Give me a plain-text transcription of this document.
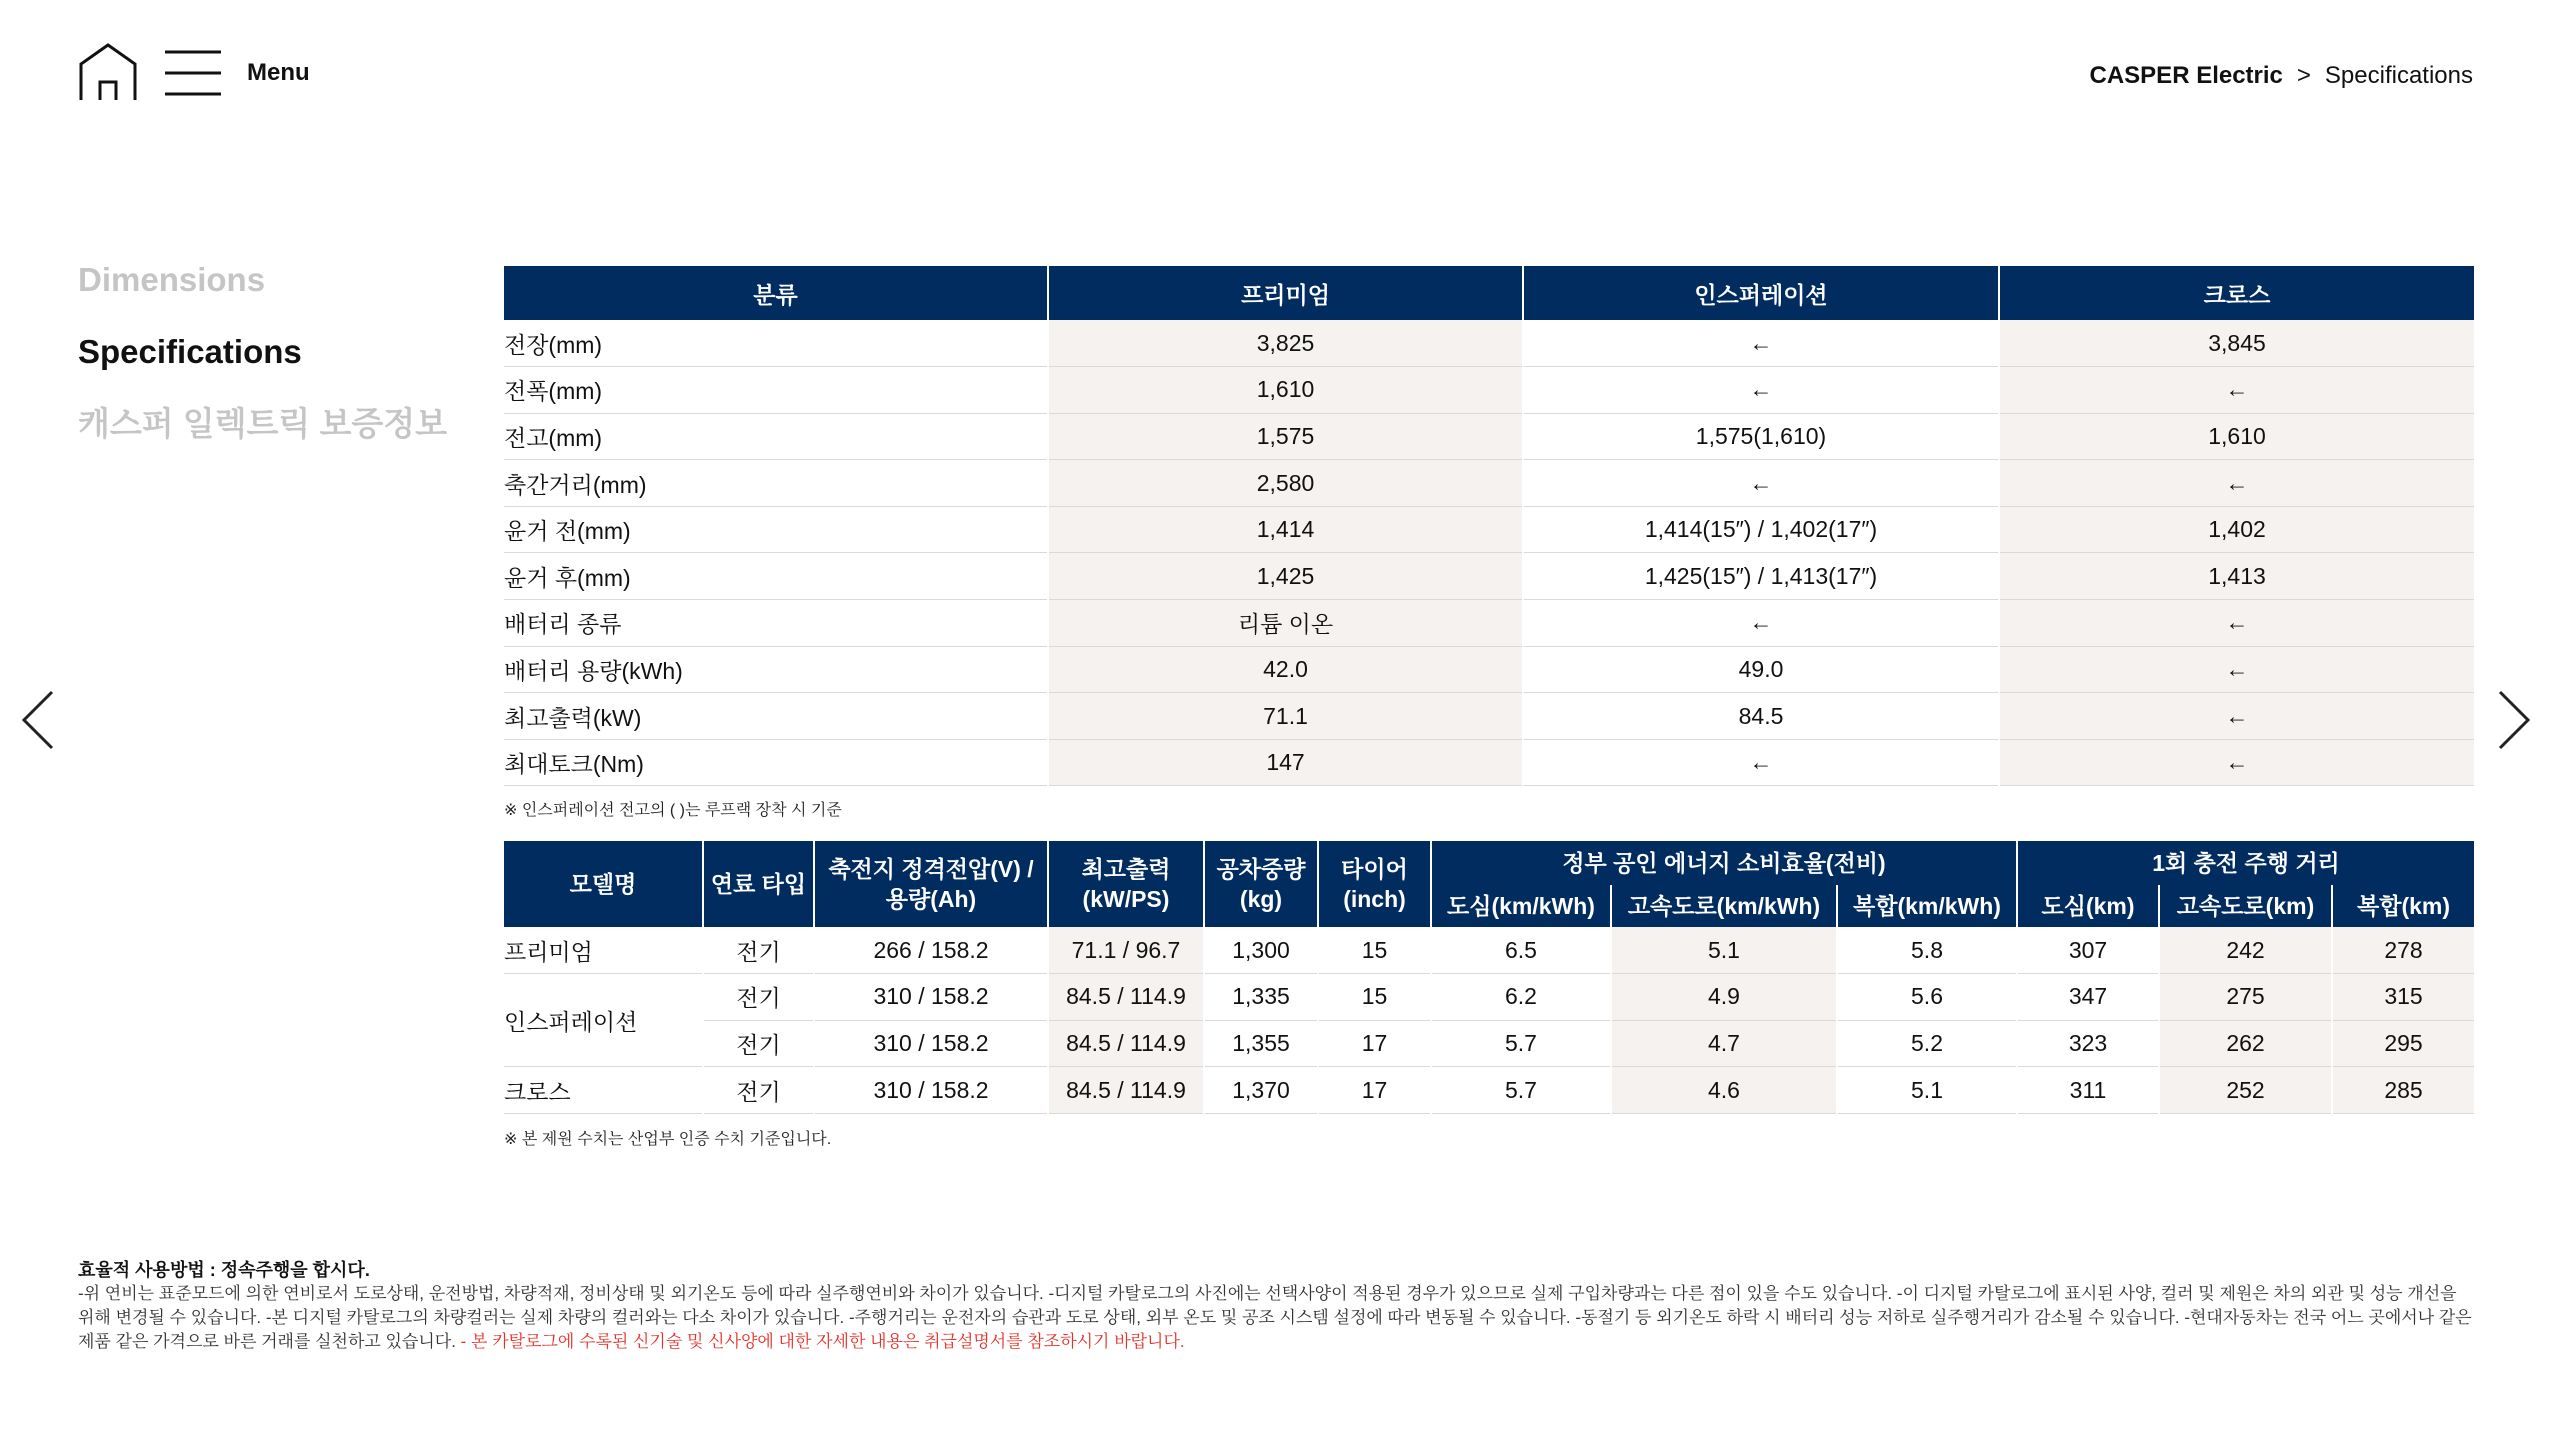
Menu	CASPER Electric > Specifications
Dimensions
Specifications
캐스퍼 일렉트릭 보증정보
분류	프리미엄	인스퍼레이션	크로스
전장(mm)	3,825	←	3,845
전폭(mm)	1,610	←	←
전고(mm)	1,575	1,575(1,610)	1,610
축간거리(mm)	2,580	←	←
윤거 전(mm)	1,414	1,414(15″) / 1,402(17″)	1,402
윤거 후(mm)	1,425	1,425(15″) / 1,413(17″)	1,413
배터리 종류	리튬 이온	←	←
배터리 용량(kWh)	42.0	49.0	←
최고출력(kW)	71.1	84.5	←
최대토크(Nm)	147	←	←
※ 인스퍼레이션 전고의 ( )는 루프랙 장착 시 기준
모델명	연료 타입	축전지 정격전압(V) / 용량(Ah)	최고출력 (kW/PS)	공차중량 (kg)	타이어 (inch)	정부 공인 에너지 소비효율(전비)			1회 충전 주행 거리		
						도심(km/kWh)	고속도로(km/kWh)	복합(km/kWh)	도심(km)	고속도로(km)	복합(km)
프리미엄	전기	266 / 158.2	71.1 / 96.7	1,300	15	6.5	5.1	5.8	307	242	278
인스퍼레이션	전기	310 / 158.2	84.5 / 114.9	1,335	15	6.2	4.9	5.6	347	275	315
	전기	310 / 158.2	84.5 / 114.9	1,355	17	5.7	4.7	5.2	323	262	295
크로스	전기	310 / 158.2	84.5 / 114.9	1,370	17	5.7	4.6	5.1	311	252	285
※ 본 제원 수치는 산업부 인증 수치 기준입니다.
효율적 사용방법 : 정속주행을 합시다.
-위 연비는 표준모드에 의한 연비로서 도로상태, 운전방법, 차량적재, 정비상태 및 외기온도 등에 따라 실주행연비와 차이가 있습니다. -디지털 카탈로그의 사진에는 선택사양이 적용된 경우가 있으므로 실제 구입차량과는 다른 점이 있을 수도 있습니다. -이 디지털 카탈로그에 표시된 사양, 컬러 및 제원은 차의 외관 및 성능 개선을 위해 변경될 수 있습니다. -본 디지털 카탈로그의 차량컬러는 실제 차량의 컬러와는 다소 차이가 있습니다. -주행거리는 운전자의 습관과 도로 상태, 외부 온도 및 공조 시스템 설정에 따라 변동될 수 있습니다. -동절기 등 외기온도 하락 시 배터리 성능 저하로 실주행거리가 감소될 수 있습니다. -현대자동차는 전국 어느 곳에서나 같은 제품 같은 가격으로 바른 거래를 실천하고 있습니다. - 본 카탈로그에 수록된 신기술 및 신사양에 대한 자세한 내용은 취급설명서를 참조하시기 바랍니다.
